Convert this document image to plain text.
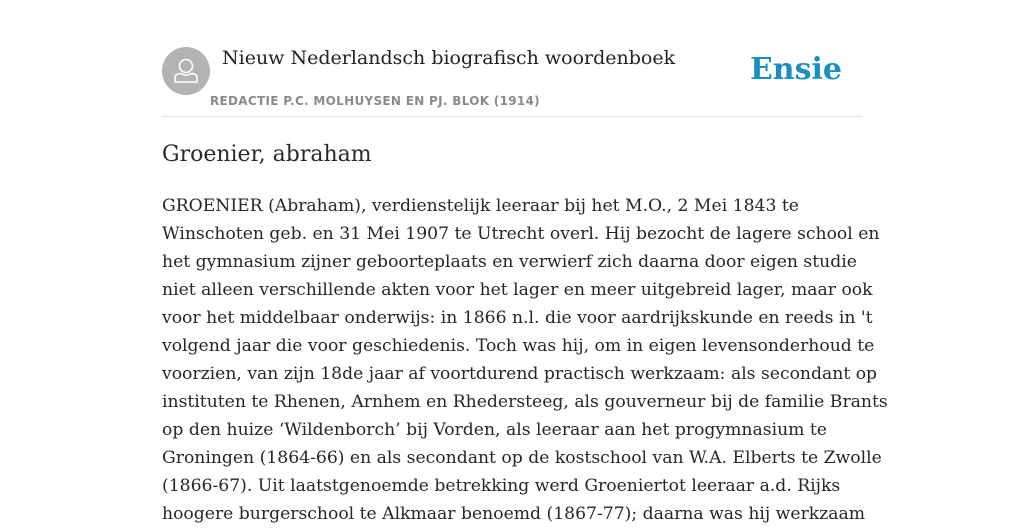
Nieuw Nederlandsch biografisch woordenboek
REDACTIE P.C. MOLHUYSEN EN PJ. BLOK (1914)
Ensie
Groenier, abraham
GROENIER (Abraham), verdienstelijk leeraar bij het M.O., 2 Mei 1843 te
Winschoten geb. en 31 Mei 1907 te Utrecht overl. Hij bezocht de lagere school en
het gymnasium zijner geboorteplaats en verwierf zich daarna door eigen studie
niet alleen verschillende akten voor het lager en meer uitgebreid lager, maar ook
voor het middelbaar onderwijs: in 1866 n.l. die voor aardrijkskunde en reeds in 't
volgend jaar die voor geschiedenis. Toch was hij, om in eigen levensonderhoud te
voorzien, van zijn 18de jaar af voortdurend practisch werkzaam: als secondant op
instituten te Rhenen, Arnhem en Rhedersteeg, als gouverneur bij de familie Brants
op den huize ‘Wildenborch’ bij Vorden, als leeraar aan het progymnasium te
Groningen (1864-66) en als secondant op de kostschool van W.A. Elberts te Zwolle
(1866-67). Uit laatstgenoemde betrekking werd Groeniertot leeraar a.d. Rijks
hoogere burgerschool te Alkmaar benoemd (1867-77); daarna was hij werkzaam
